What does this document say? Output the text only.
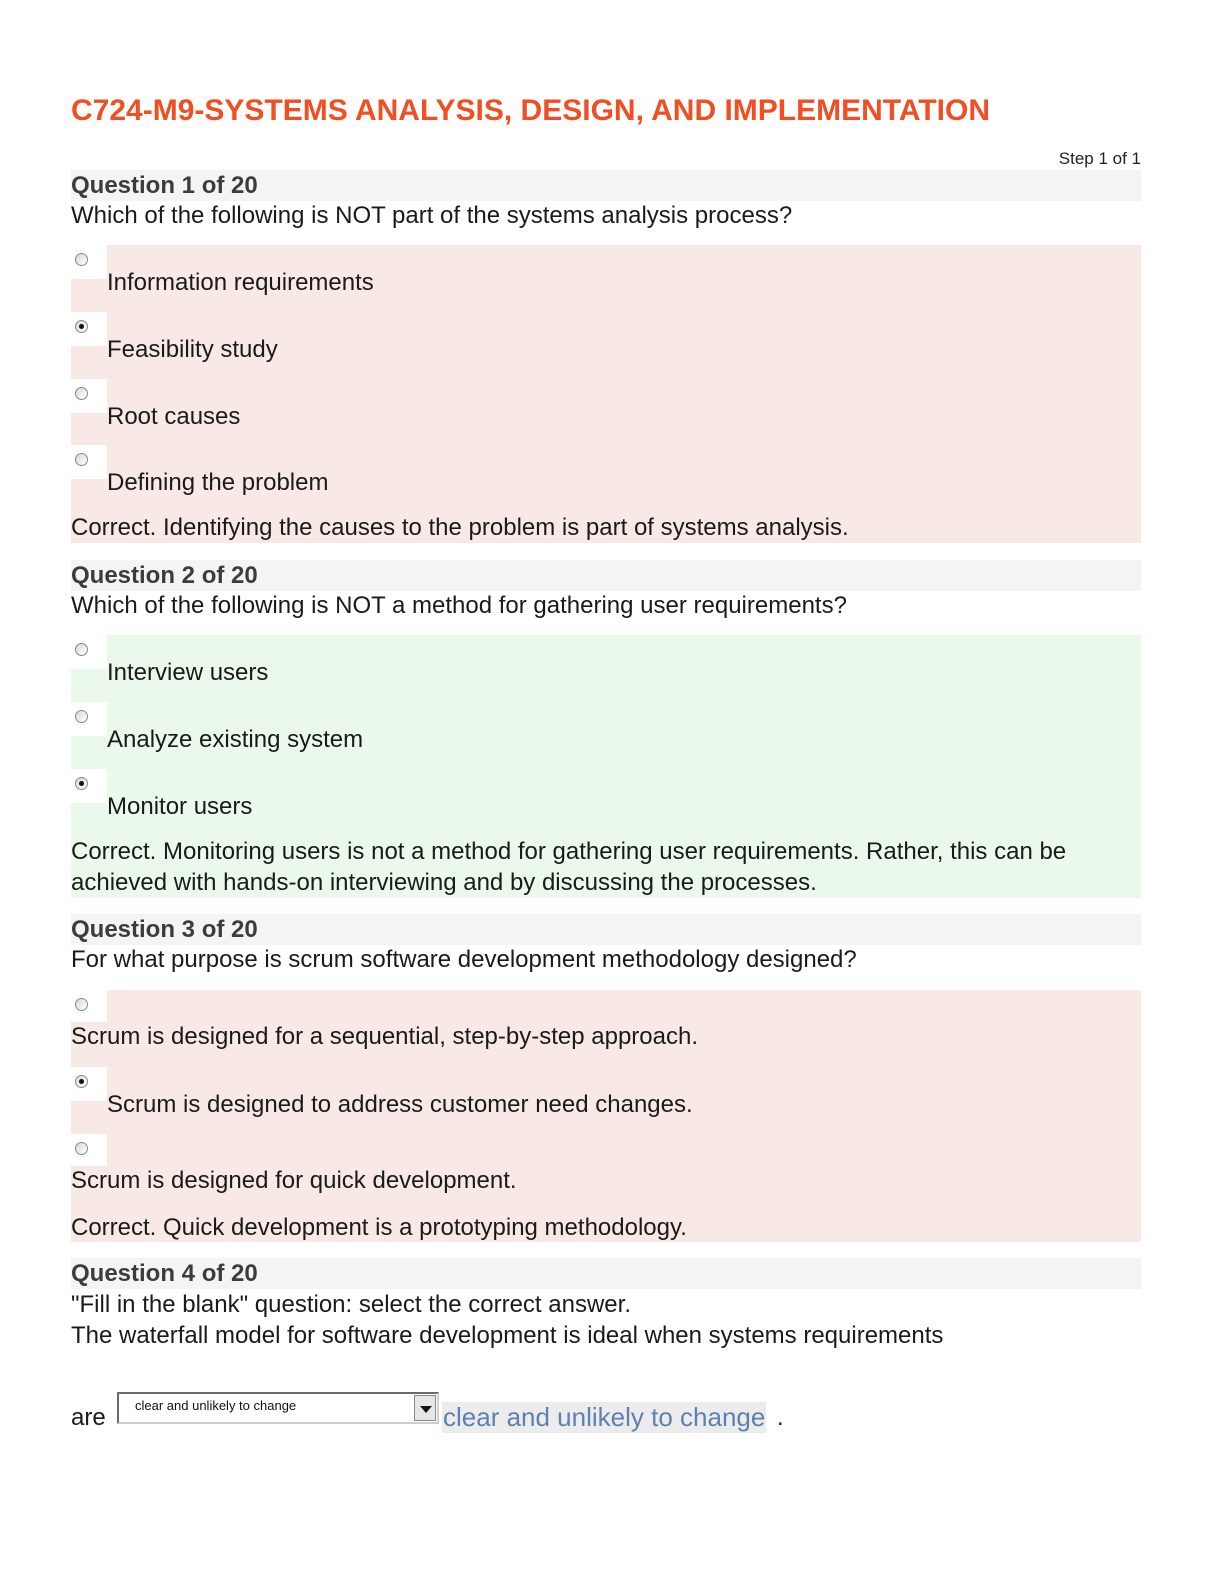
C724-M9-SYSTEMS ANALYSIS, DESIGN, AND IMPLEMENTATION
Step 1 of 1
Question 1 of 20
Which of the following is NOT part of the systems analysis process?
Information requirements
Feasibility study
Root causes
Defining the problem
Correct. Identifying the causes to the problem is part of systems analysis.
Question 2 of 20
Which of the following is NOT a method for gathering user requirements?
Interview users
Analyze existing system
Monitor users
Correct. Monitoring users is not a method for gathering user requirements. Rather, this can be achieved with hands-on interviewing and by discussing the processes.
Question 3 of 20
For what purpose is scrum software development methodology designed?
Scrum is designed for a sequential, step-by-step approach.
Scrum is designed to address customer need changes.
Scrum is designed for quick development.
Correct. Quick development is a prototyping methodology.
Question 4 of 20
"Fill in the blank" question: select the correct answer.
The waterfall model for software development is ideal when systems requirements
are clear and unlikely to change	clear and unlikely to change .
